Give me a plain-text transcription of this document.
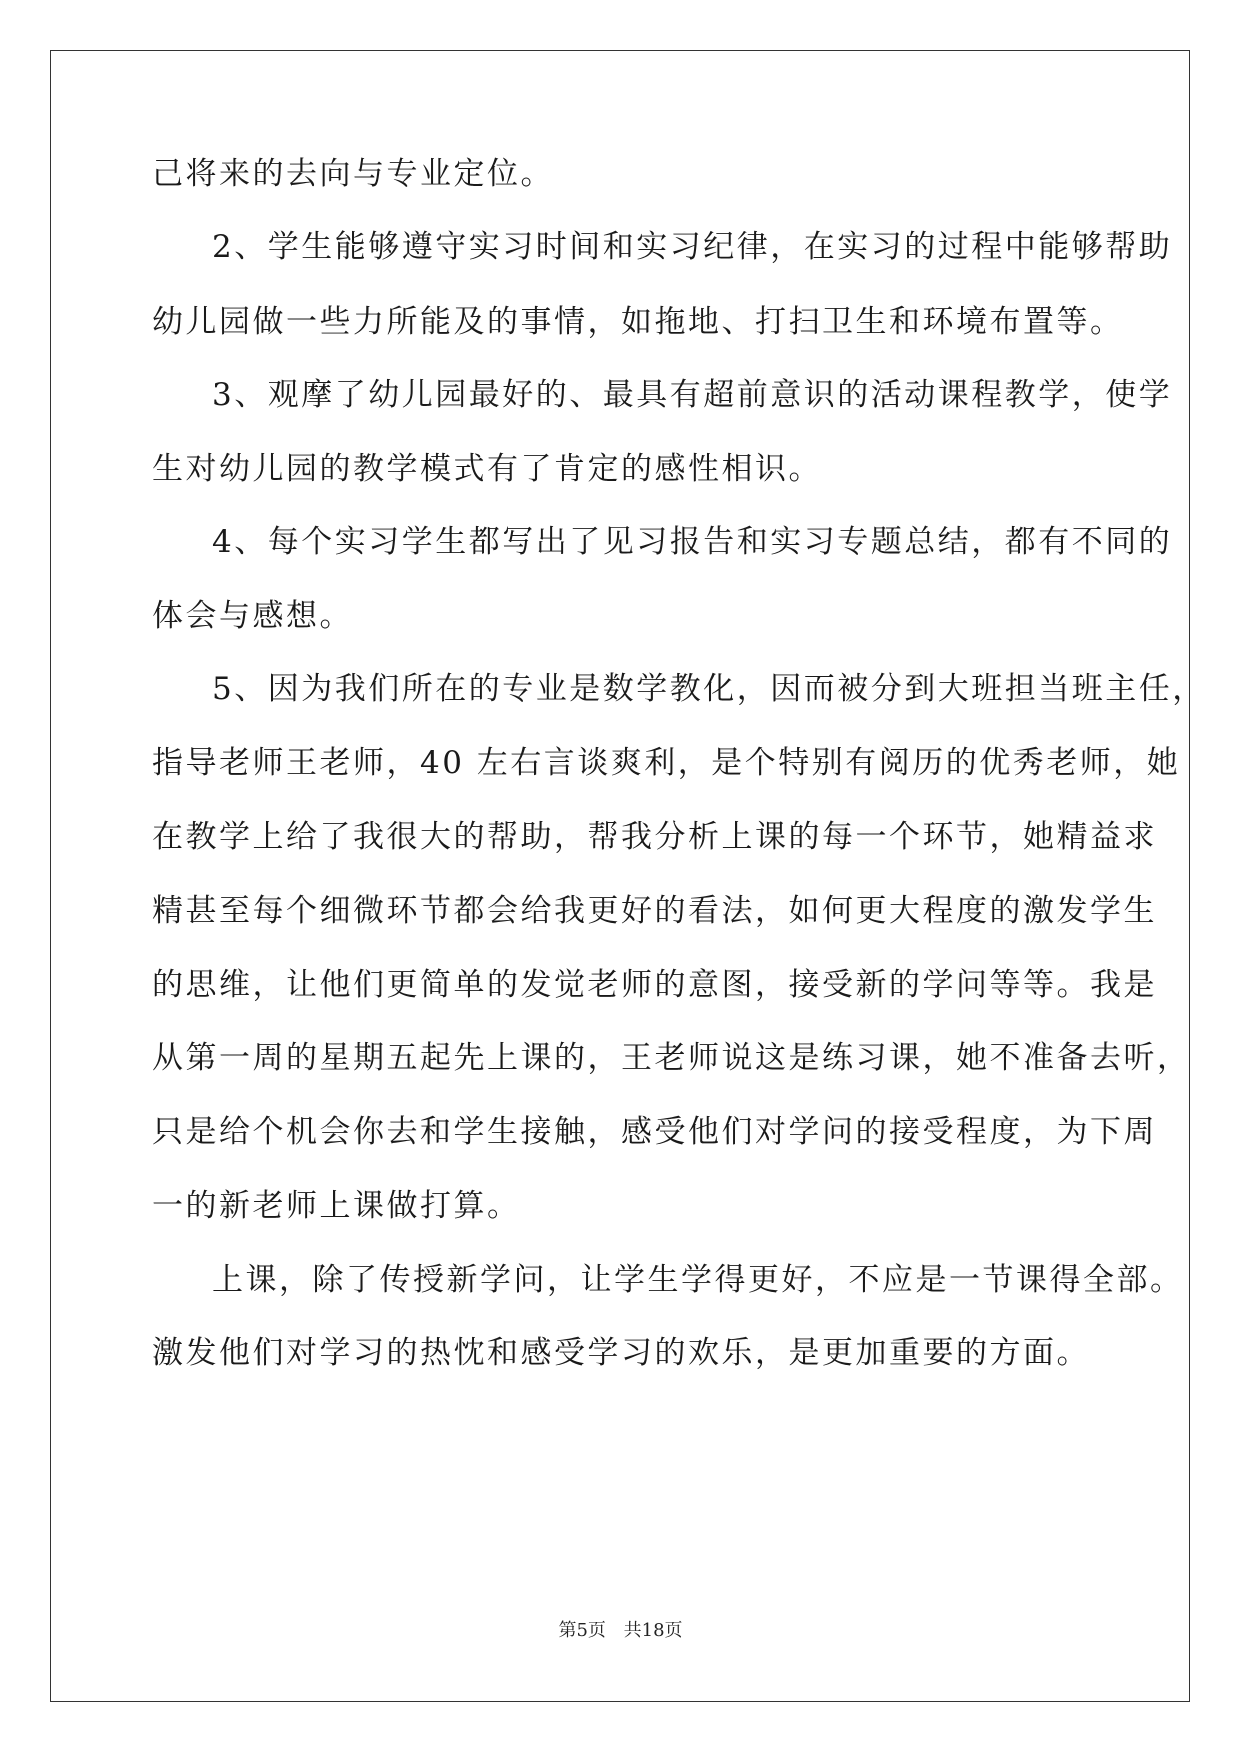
己将来的去向与专业定位。
2、学生能够遵守实习时间和实习纪律，在实习的过程中能够帮助
幼儿园做一些力所能及的事情，如拖地、打扫卫生和环境布置等。
3、观摩了幼儿园最好的、最具有超前意识的活动课程教学，使学
生对幼儿园的教学模式有了肯定的感性相识。
4、每个实习学生都写出了见习报告和实习专题总结，都有不同的
体会与感想。
5、因为我们所在的专业是数学教化，因而被分到大班担当班主任，
指导老师王老师，40 左右言谈爽利，是个特别有阅历的优秀老师，她
在教学上给了我很大的帮助，帮我分析上课的每一个环节，她精益求
精甚至每个细微环节都会给我更好的看法，如何更大程度的激发学生
的思维，让他们更简单的发觉老师的意图，接受新的学问等等。我是
从第一周的星期五起先上课的，王老师说这是练习课，她不准备去听，
只是给个机会你去和学生接触，感受他们对学问的接受程度，为下周
一的新老师上课做打算。
上课，除了传授新学问，让学生学得更好，不应是一节课得全部。
激发他们对学习的热忱和感受学习的欢乐，是更加重要的方面。
第5页 共18页
